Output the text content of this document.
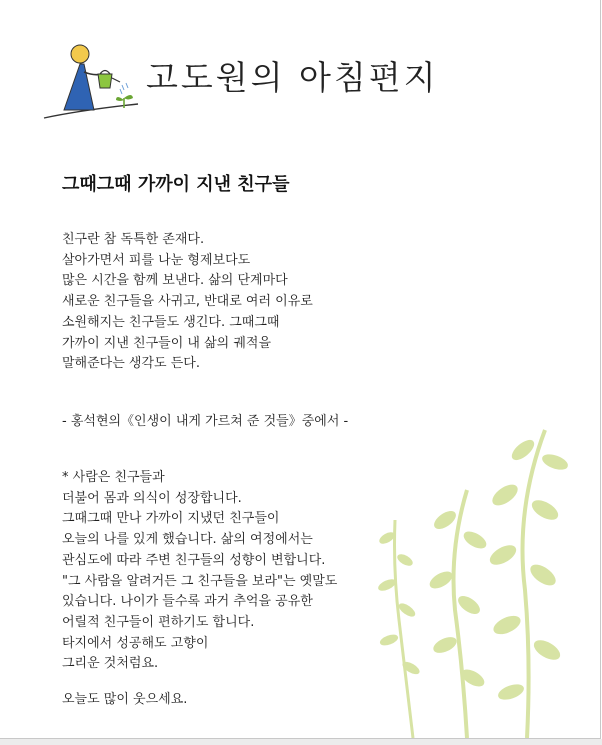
고도원의 아침편지
그때그때 가까이 지낸 친구들
친구란 참 독특한 존재다.
살아가면서 피를 나눈 형제보다도
많은 시간을 함께 보낸다. 삶의 단계마다
새로운 친구들을 사귀고, 반대로 여러 이유로
소원해지는 친구들도 생긴다. 그때그때
가까이 지낸 친구들이 내 삶의 궤적을
말해준다는 생각도 든다.
- 홍석현의《인생이 내게 가르쳐 준 것들》중에서 -
* 사람은 친구들과
더불어 몸과 의식이 성장합니다.
그때그때 만나 가까이 지냈던 친구들이
오늘의 나를 있게 했습니다. 삶의 여정에서는
관심도에 따라 주변 친구들의 성향이 변합니다.
"그 사람을 알려거든 그 친구들을 보라"는 옛말도
있습니다. 나이가 들수록 과거 추억을 공유한
어릴적 친구들이 편하기도 합니다.
타지에서 성공해도 고향이
그리운 것처럼요.
오늘도 많이 웃으세요.
